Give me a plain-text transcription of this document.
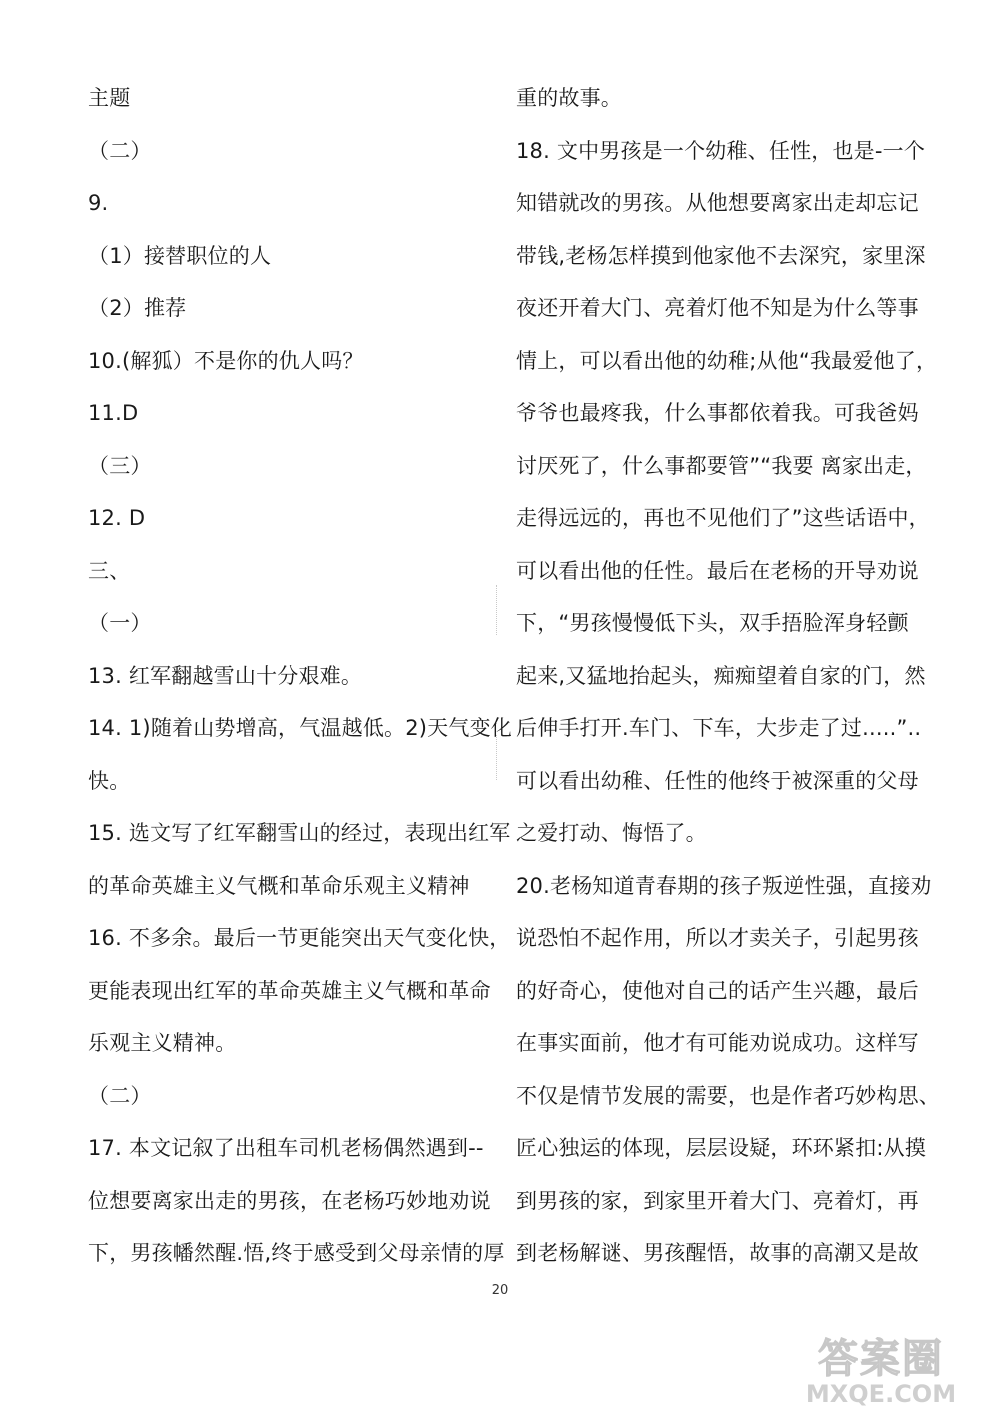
主题
（二）
9.
（1）接替职位的人
（2）推荐
10.(解狐）不是你的仇人吗？
11.D
（三）
12. D
三、
（一）
13. 红军翻越雪山十分艰难。
14. 1)随着山势增高，气温越低。2)天气变化
快。
15. 选文写了红军翻雪山的经过，表现出红军
的革命英雄主义气概和革命乐观主义精神
16. 不多余。最后一节更能突出天气变化快，
更能表现出红军的革命英雄主义气概和革命
乐观主义精神。
（二）
17. 本文记叙了出租车司机老杨偶然遇到--
位想要离家出走的男孩，在老杨巧妙地劝说
下，男孩幡然醒.悟,终于感受到父母亲情的厚
重的故事。
18. 文中男孩是一个幼稚、任性，也是-一个
知错就改的男孩。从他想要离家出走却忘记
带钱,老杨怎样摸到他家他不去深究，家里深
夜还开着大门、亮着灯他不知是为什么等事
情上，可以看出他的幼稚;从他“我最爱他了，
爷爷也最疼我，什么事都依着我。可我爸妈
讨厌死了，什么事都要管”“我要 离家出走，
走得远远的，再也不见他们了”这些话语中，
可以看出他的任性。最后在老杨的开导劝说
下，“男孩慢慢低下头，双手捂脸浑身轻颤
起来,又猛地抬起头，痴痴望着自家的门，然
后伸手打开.车门、下车，大步走了过.....”..
可以看出幼稚、任性的他终于被深重的父母
之爱打动、悔悟了。
20.老杨知道青春期的孩子叛逆性强，直接劝
说恐怕不起作用，所以才卖关子，引起男孩
的好奇心，使他对自己的话产生兴趣，最后
在事实面前，他才有可能劝说成功。这样写
不仅是情节发展的需要，也是作者巧妙构思、
匠心独运的体现，层层设疑，环环紧扣:从摸
到男孩的家，到家里开着大门、亮着灯，再
到老杨解谜、男孩醒悟，故事的高潮又是故
20
答案圈
MXQE.COM
